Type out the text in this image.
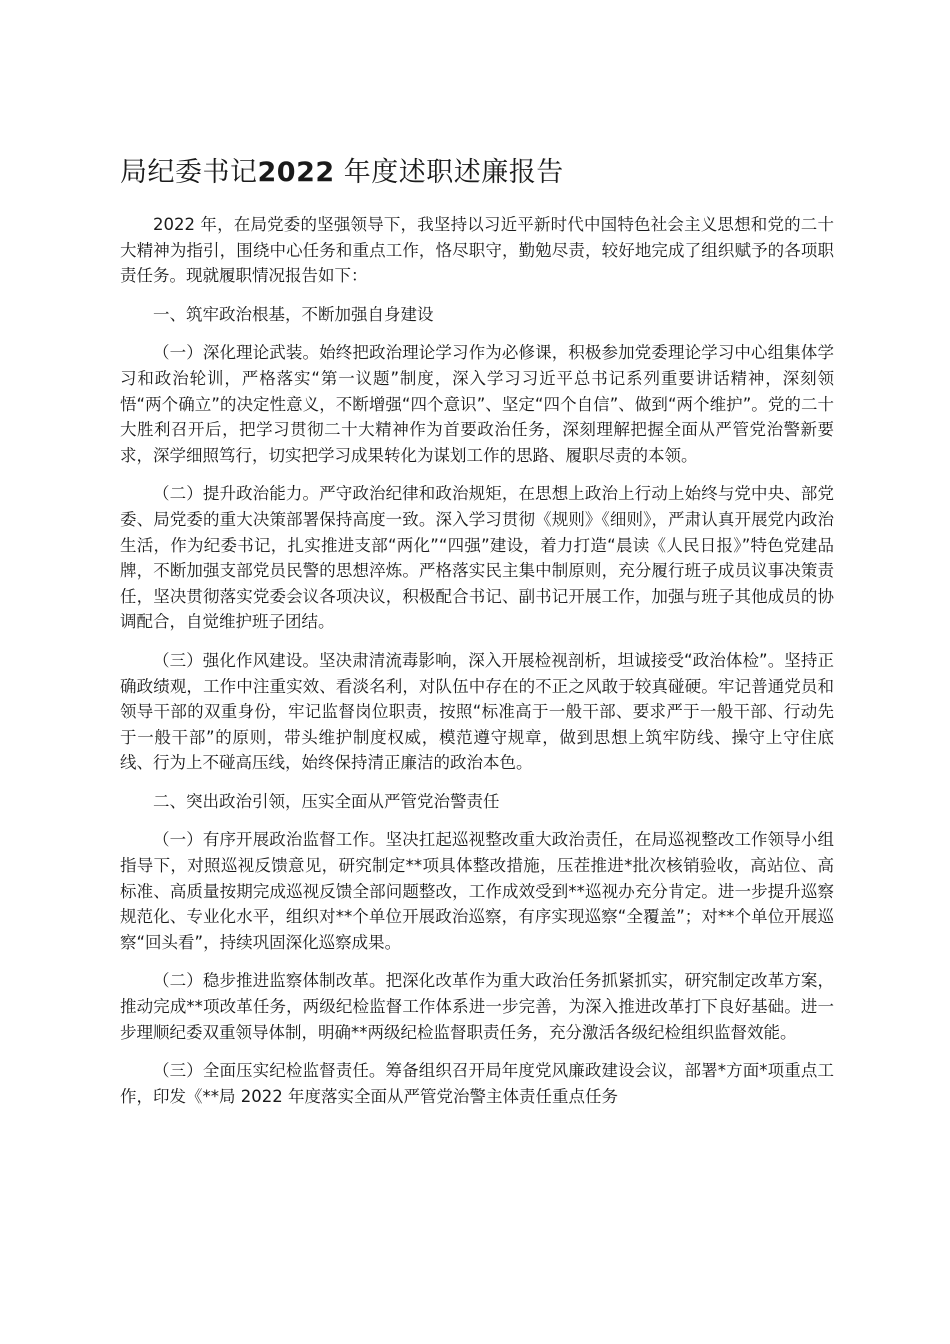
局纪委书记2022 年度述职述廉报告

2022 年，在局党委的坚强领导下，我坚持以习近平新时代中国特色社会主义思想和党的二十大精神为指引，围绕中心任务和重点工作，恪尽职守，勤勉尽责，较好地完成了组织赋予的各项职责任务。现就履职情况报告如下：

一、筑牢政治根基，不断加强自身建设

（一）深化理论武装。始终把政治理论学习作为必修课，积极参加党委理论学习中心组集体学习和政治轮训，严格落实“第一议题”制度，深入学习习近平总书记系列重要讲话精神，深刻领悟“两个确立”的决定性意义，不断增强“四个意识”、坚定“四个自信”、做到“两个维护”。党的二十大胜利召开后，把学习贯彻二十大精神作为首要政治任务，深刻理解把握全面从严管党治警新要求，深学细照笃行，切实把学习成果转化为谋划工作的思路、履职尽责的本领。

（二）提升政治能力。严守政治纪律和政治规矩，在思想上政治上行动上始终与党中央、部党委、局党委的重大决策部署保持高度一致。深入学习贯彻《规则》《细则》，严肃认真开展党内政治生活，作为纪委书记，扎实推进支部“两化”“四强”建设，着力打造“晨读《人民日报》”特色党建品牌，不断加强支部党员民警的思想淬炼。严格落实民主集中制原则，充分履行班子成员议事决策责任，坚决贯彻落实党委会议各项决议，积极配合书记、副书记开展工作，加强与班子其他成员的协调配合，自觉维护班子团结。

（三）强化作风建设。坚决肃清流毒影响，深入开展检视剖析，坦诚接受“政治体检”。坚持正确政绩观，工作中注重实效、看淡名利，对队伍中存在的不正之风敢于较真碰硬。牢记普通党员和领导干部的双重身份，牢记监督岗位职责，按照“标准高于一般干部、要求严于一般干部、行动先于一般干部”的原则，带头维护制度权威，模范遵守规章，做到思想上筑牢防线、操守上守住底线、行为上不碰高压线，始终保持清正廉洁的政治本色。

二、突出政治引领，压实全面从严管党治警责任

（一）有序开展政治监督工作。坚决扛起巡视整改重大政治责任，在局巡视整改工作领导小组指导下，对照巡视反馈意见，研究制定**项具体整改措施，压茬推进*批次核销验收，高站位、高标准、高质量按期完成巡视反馈全部问题整改，工作成效受到**巡视办充分肯定。进一步提升巡察规范化、专业化水平，组织对**个单位开展政治巡察，有序实现巡察“全覆盖”；对**个单位开展巡察“回头看”，持续巩固深化巡察成果。

（二）稳步推进监察体制改革。把深化改革作为重大政治任务抓紧抓实，研究制定改革方案，推动完成**项改革任务，两级纪检监督工作体系进一步完善，为深入推进改革打下良好基础。进一步理顺纪委双重领导体制，明确**两级纪检监督职责任务，充分激活各级纪检组织监督效能。

（三）全面压实纪检监督责任。筹备组织召开局年度党风廉政建设会议，部署*方面*项重点工作，印发《**局 2022 年度落实全面从严管党治警主体责任重点任务
